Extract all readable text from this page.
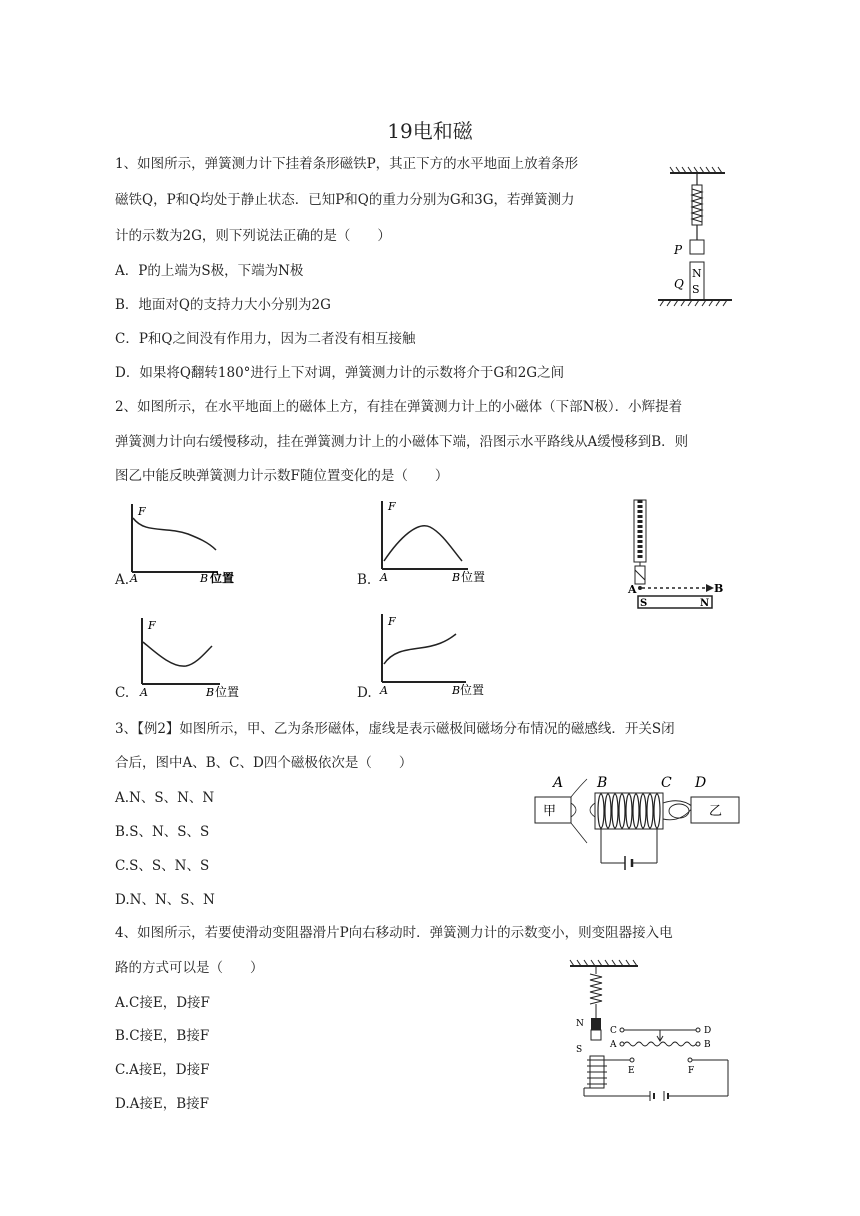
19电和磁
1、如图所示，弹簧测力计下挂着条形磁铁P，其正下方的水平地面上放着条形
磁铁Q，P和Q均处于静止状态．已知P和Q的重力分别为G和3G，若弹簧测力
计的示数为2G，则下列说法正确的是（　　）
A．P的上端为S极，下端为N极
B．地面对Q的支持力大小分别为2G
C．P和Q之间没有作用力，因为二者没有相互接触
D．如果将Q翻转180°进行上下对调，弹簧测力计的示数将介于G和2G之间
P
N
S
Q
2、如图所示，在水平地面上的磁体上方，有挂在弹簧测力计上的小磁体（下部N极）．小辉提着
弹簧测力计向右缓慢移动，挂在弹簧测力计上的小磁体下端，沿图示水平路线从A缓慢移到B．则
图乙中能反映弹簧测力计示数F随位置变化的是（　　）
A.
F
A	B 位置	B.
F
A	B 位置
A	B
S	N
C.
F
A	B 位置	D.
F
A	B 位置
3、【例2】如图所示，甲、乙为条形磁体，虚线是表示磁极间磁场分布情况的磁感线．开关S闭
合后，图中A、B、C、D四个磁极依次是（　　）
A.N、S、N、N
B.S、N、S、S
C.S、S、N、S
D.N、N、S、N
A B	C D
甲	乙
4、如图所示，若要使滑动变阻器滑片P向右移动时．弹簧测力计的示数变小，则变阻器接入电
路的方式可以是（　　）
A.C接E，D接F
B.C接E，B接F
C.A接E，D接F
D.A接E，B接F
N
S
C	D
A	B
E	F
